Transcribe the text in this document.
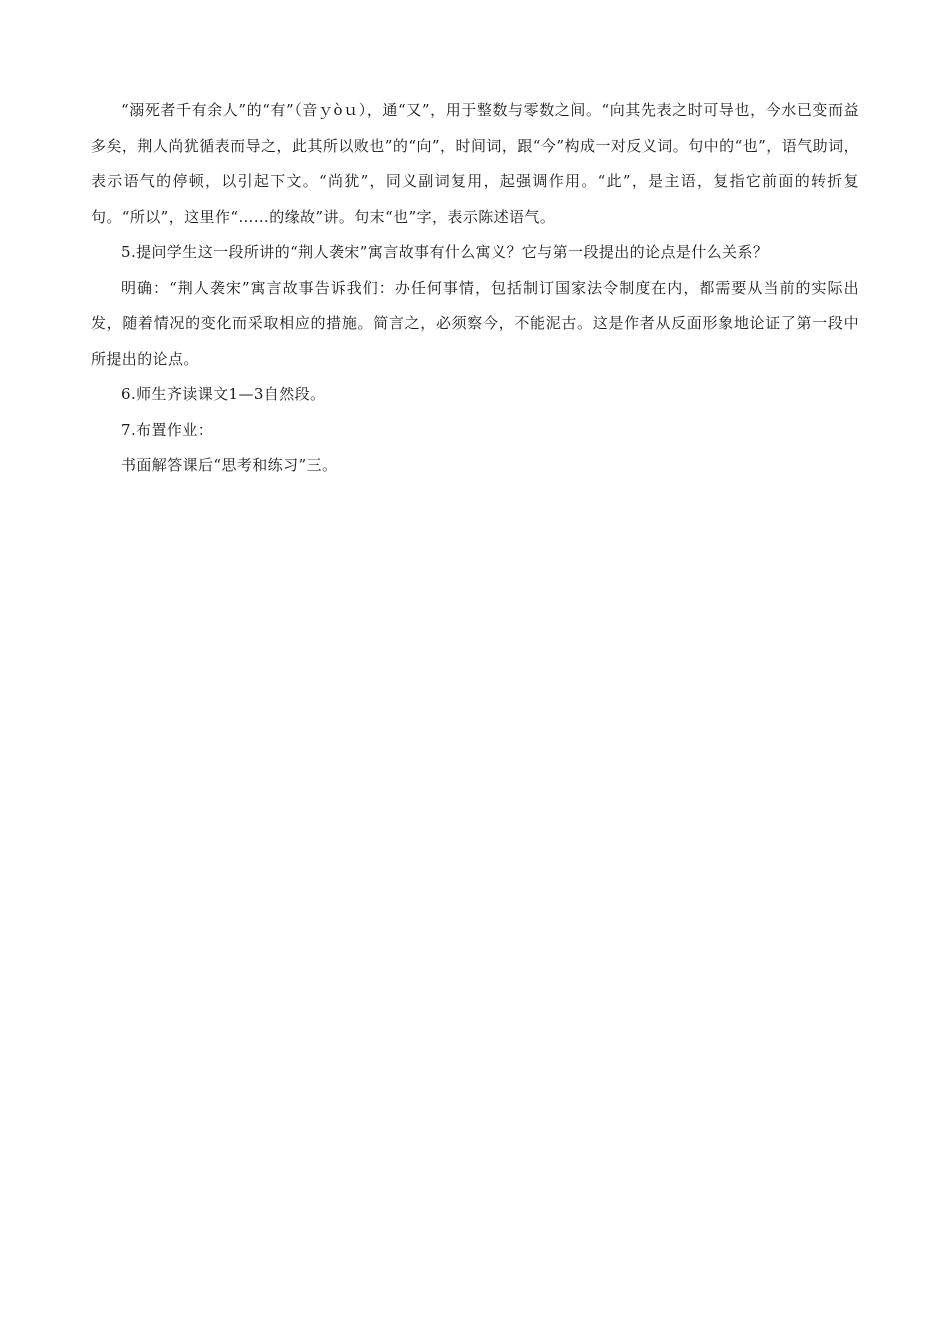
“溺死者千有余人”的“有”（音ｙòｕ），通“又”，用于整数与零数之间。“向其先表之时可导也，今水已变而益多矣，荆人尚犹循表而导之，此其所以败也”的“向”，时间词，跟“今”构成一对反义词。句中的“也”，语气助词，表示语气的停顿，以引起下文。“尚犹”，同义副词复用，起强调作用。“此”，是主语，复指它前面的转折复句。“所以”，这里作“……的缘故”讲。句末“也”字，表示陈述语气。

5.提问学生这一段所讲的“荆人袭宋”寓言故事有什么寓义？它与第一段提出的论点是什么关系？

明确：“荆人袭宋”寓言故事告诉我们：办任何事情，包括制订国家法令制度在内，都需要从当前的实际出发，随着情况的变化而采取相应的措施。简言之，必须察今，不能泥古。这是作者从反面形象地论证了第一段中所提出的论点。

6.师生齐读课文1—3自然段。

7.布置作业：

书面解答课后“思考和练习”三。
